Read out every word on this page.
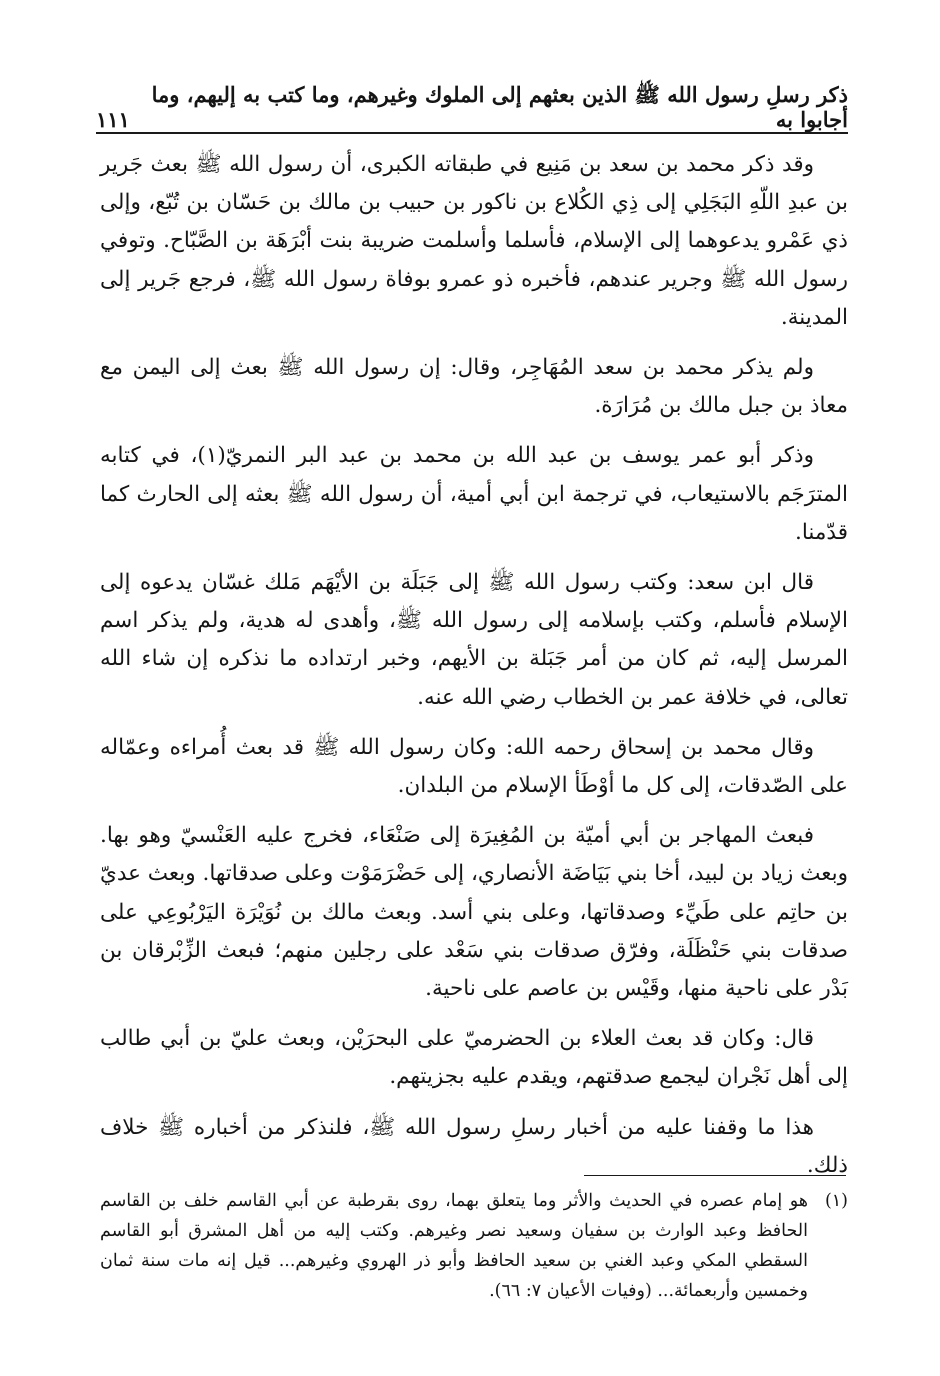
ذكر رسلِ رسول الله ﷺ الذين بعثهم إلى الملوك وغيرهم، وما كتب به إليهم، وما أجابوا به
١١١

وقد ذكر محمد بن سعد بن مَنِيع في طبقاته الكبرى، أن رسول الله ﷺ بعث جَرير بن عبدِ اللّهِ البَجَلِي إلى ذِي الكُلاع بن ناكور بن حبيب بن مالك بن حَسّان بن تُبّع، وإلى ذي عَمْرو يدعوهما إلى الإسلام، فأسلما وأسلمت ضريبة بنت أبْرَهَة بن الصَّبّاح. وتوفي رسول الله ﷺ وجرير عندهم، فأخبره ذو عمرو بوفاة رسول الله ﷺ، فرجع جَرير إلى المدينة.

ولم يذكر محمد بن سعد المُهَاجِر، وقال: إن رسول الله ﷺ بعث إلى اليمن مع معاذ بن جبل مالك بن مُرَارَة.

وذكر أبو عمر يوسف بن عبد الله بن محمد بن عبد البر النمريّ(١)، في كتابه المترَجَم بالاستيعاب، في ترجمة ابن أبي أمية، أن رسول الله ﷺ بعثه إلى الحارث كما قدّمنا.

قال ابن سعد: وكتب رسول الله ﷺ إلى جَبَلَة بن الأيْهَم مَلك غسّان يدعوه إلى الإسلام فأسلم، وكتب بإسلامه إلى رسول الله ﷺ، وأهدى له هدية، ولم يذكر اسم المرسل إليه، ثم كان من أمر جَبَلة بن الأيهم، وخبر ارتداده ما نذكره إن شاء الله تعالى، في خلافة عمر بن الخطاب رضي الله عنه.

وقال محمد بن إسحاق رحمه الله: وكان رسول الله ﷺ قد بعث أُمراءه وعمّاله على الصّدقات، إلى كل ما أوْطَأ الإسلام من البلدان.

فبعث المهاجر بن أبي أميّة بن المُغِيرَة إلى صَنْعَاء، فخرج عليه العَنْسيّ وهو بها. وبعث زياد بن لبيد، أخا بني بَيَاضَة الأنصاري، إلى حَضْرَمَوْت وعلى صدقاتها. وبعث عديّ بن حاتِم على طَيِّء وصدقاتها، وعلى بني أسد. وبعث مالك بن نُوَيْرَة اليَرْبُوعِي على صدقات بني حَنْظَلَة، وفرّق صدقات بني سَعْد على رجلين منهم؛ فبعث الزِّبْرقان بن بَدْر على ناحية منها، وقَيْس بن عاصم على ناحية.

قال: وكان قد بعث العلاء بن الحضرميّ على البحرَيْن، وبعث عليّ بن أبي طالب إلى أهل نَجْران ليجمع صدقتهم، ويقدم عليه بجزيتهم.

هذا ما وقفنا عليه من أخبار رسلِ رسول الله ﷺ، فلنذكر من أخباره ﷺ خلاف ذلك.

(١)
هو إمام عصره في الحديث والأثر وما يتعلق بهما، روى بقرطبة عن أبي القاسم خلف بن القاسم الحافظ وعبد الوارث بن سفيان وسعيد نصر وغيرهم. وكتب إليه من أهل المشرق أبو القاسم السقطي المكي وعبد الغني بن سعيد الحافظ وأبو ذر الهروي وغيرهم... قيل إنه مات سنة ثمان وخمسين وأربعمائة... (وفيات الأعيان ٧: ٦٦).
